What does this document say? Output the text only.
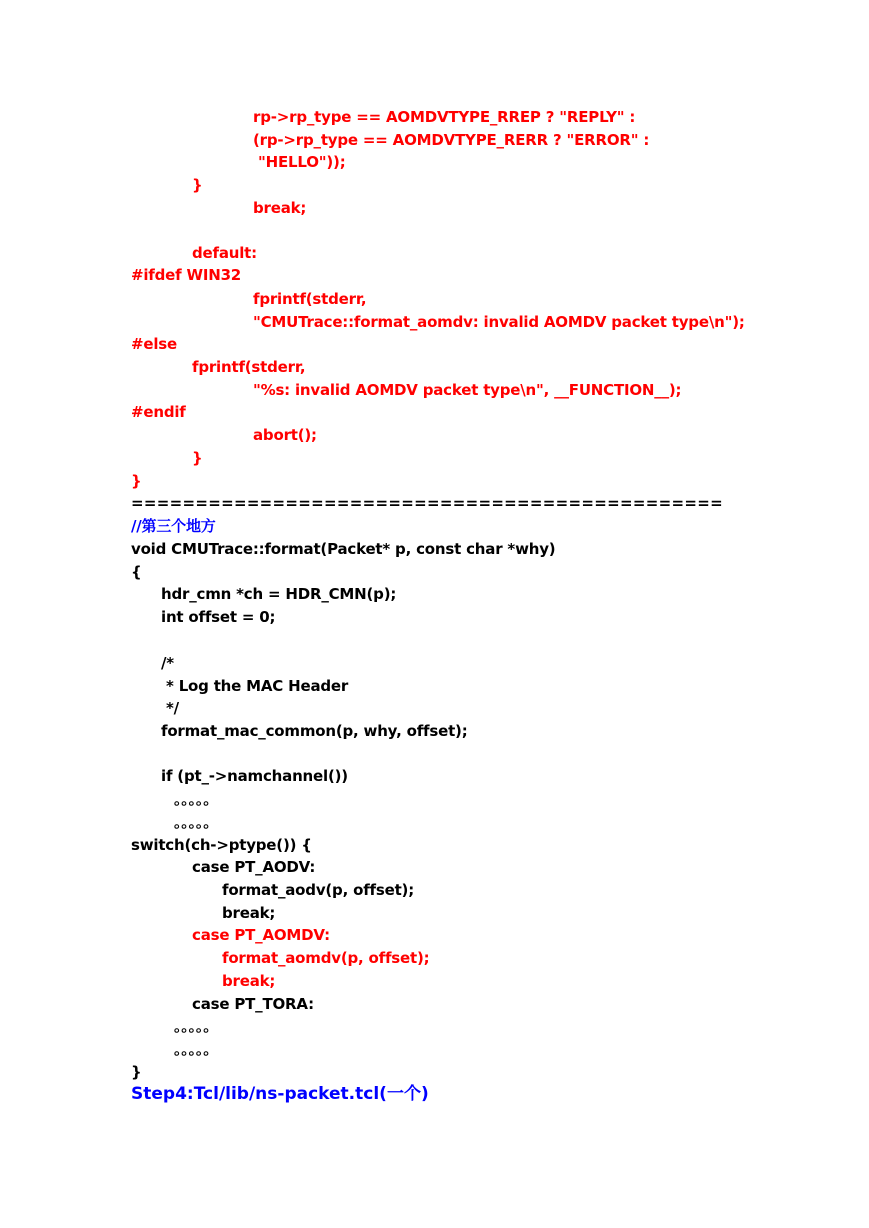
rp->rp_type == AOMDVTYPE_RREP ? "REPLY" :
(rp->rp_type == AOMDVTYPE_RERR ? "ERROR" :
"HELLO"));
}
break;
default:
#ifdef WIN32
fprintf(stderr,
"CMUTrace::format_aomdv: invalid AOMDV packet type\n");
#else
fprintf(stderr,
"%s: invalid AOMDV packet type\n", __FUNCTION__);
#endif
abort();
}
}
==============================================
//第三个地方
void CMUTrace::format(Packet* p, const char *why)
{
hdr_cmn *ch = HDR_CMN(p);
int offset = 0;
/*
* Log the MAC Header
*/
format_mac_common(p, why, offset);
if (pt_->namchannel())
。。。。。
。。。。。
switch(ch->ptype()) {
case PT_AODV:
format_aodv(p, offset);
break;
case PT_AOMDV:
format_aomdv(p, offset);
break;
case PT_TORA:
。。。。。
。。。。。
}
Step4:Tcl/lib/ns-packet.tcl(一个)
